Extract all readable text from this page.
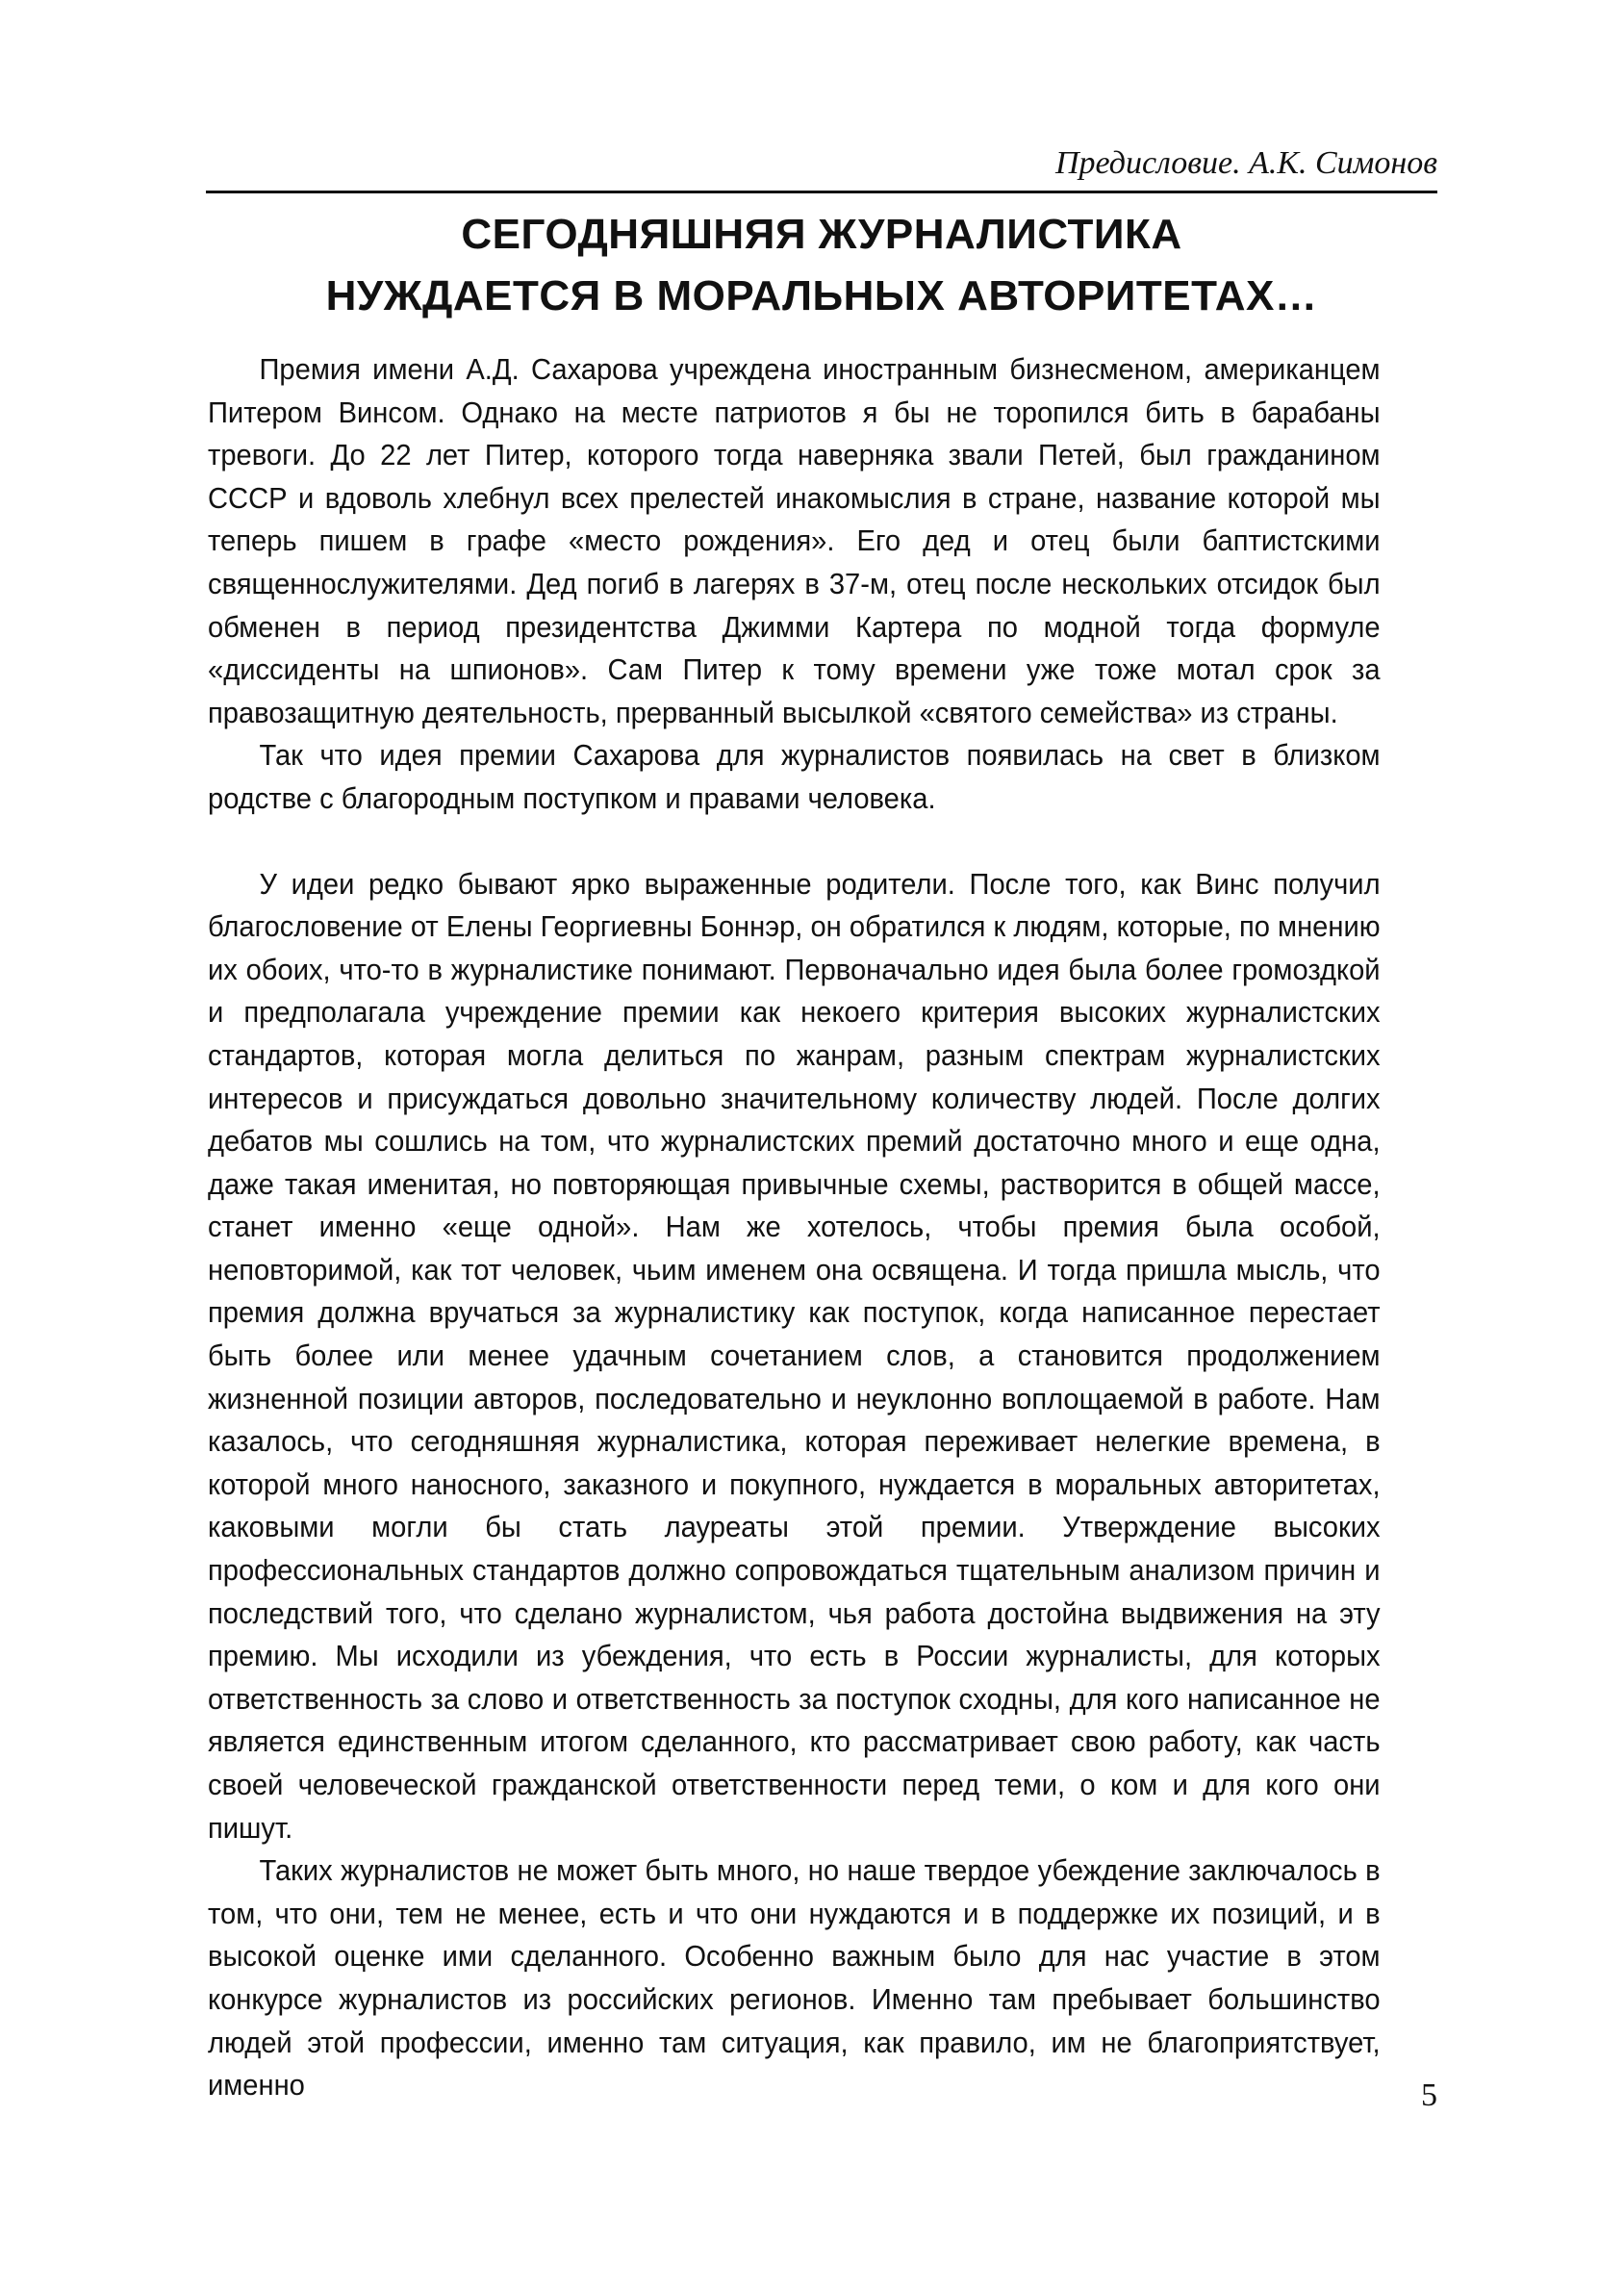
Предисловие. А.К. Симонов
СЕГОДНЯШНЯЯ ЖУРНАЛИСТИКА
НУЖДАЕТСЯ В МОРАЛЬНЫХ АВТОРИТЕТАХ…

Премия имени А.Д. Сахарова учреждена иностранным бизнесменом, американцем Питером Винсом. Однако на месте патриотов я бы не торопился бить в барабаны тревоги. До 22 лет Питер, которого тогда наверняка звали Петей, был гражданином СССР и вдоволь хлебнул всех прелестей инакомыслия в стране, название которой мы теперь пишем в графе «место рождения». Его дед и отец были баптистскими священнослужителями. Дед погиб в лагерях в 37-м, отец после нескольких отсидок был обменен в период президентства Джимми Картера по модной тогда формуле «диссиденты на шпионов». Сам Питер к тому времени уже тоже мотал срок за правозащитную деятельность, прерванный высылкой «святого семейства» из страны.

Так что идея премии Сахарова для журналистов появилась на свет в близком родстве с благородным поступком и правами человека.

У идеи редко бывают ярко выраженные родители. После того, как Винс получил благословение от Елены Георгиевны Боннэр, он обратился к людям, которые, по мнению их обоих, что-то в журналистике понимают. Первоначально идея была более громоздкой и предполагала учреждение премии как некоего критерия высоких журналистских стандартов, которая могла делиться по жанрам, разным спектрам журналистских интересов и присуждаться довольно значительному количеству людей. После долгих дебатов мы сошлись на том, что журналистских премий достаточно много и еще одна, даже такая именитая, но повторяющая привычные схемы, растворится в общей массе, станет именно «еще одной». Нам же хотелось, чтобы премия была особой, неповторимой, как тот человек, чьим именем она освящена. И тогда пришла мысль, что премия должна вручаться за журналистику как поступок, когда написанное перестает быть более или менее удачным сочетанием слов, а становится продолжением жизненной позиции авторов, последовательно и неуклонно воплощаемой в работе. Нам казалось, что сегодняшняя журналистика, которая переживает нелегкие времена, в которой много наносного, заказного и покупного, нуждается в моральных авторитетах, каковыми могли бы стать лауреаты этой премии. Утверждение высоких профессиональных стандартов должно сопровождаться тщательным анализом причин и последствий того, что сделано журналистом, чья работа достойна выдвижения на эту премию. Мы исходили из убеждения, что есть в России журналисты, для которых ответственность за слово и ответственность за поступок сходны, для кого написанное не является единственным итогом сделанного, кто рассматривает свою работу, как часть своей человеческой гражданской ответственности перед теми, о ком и для кого они пишут.

Таких журналистов не может быть много, но наше твердое убеждение заключалось в том, что они, тем не менее, есть и что они нуждаются и в поддержке их позиций, и в высокой оценке ими сделанного. Особенно важным было для нас участие в этом конкурсе журналистов из российских регионов. Именно там пребывает большинство людей этой профессии, именно там ситуация, как правило, им не благоприятствует, именно	5
